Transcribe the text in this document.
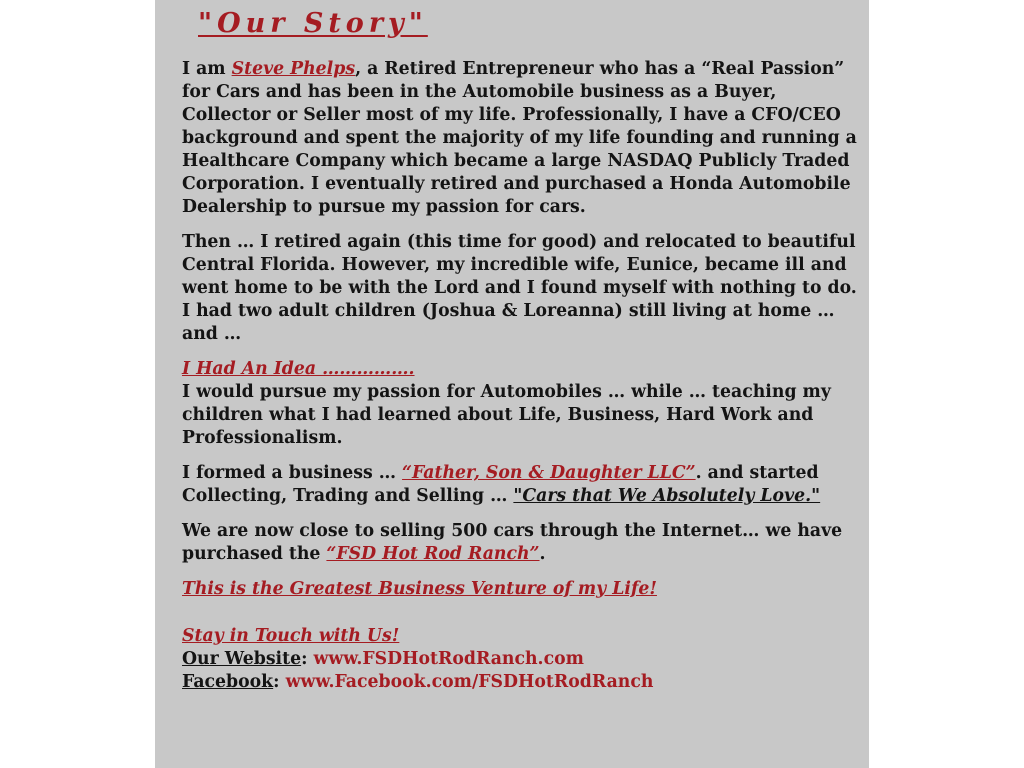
"Our Story"

I am Steve Phelps, a Retired Entrepreneur who has a “Real Passion” for Cars and has been in the Automobile business as a Buyer, Collector or Seller most of my life. Professionally, I have a CFO/CEO background and spent the majority of my life founding and running a Healthcare Company which became a large NASDAQ Publicly Traded Corporation. I eventually retired and purchased a Honda Automobile Dealership to pursue my passion for cars.

Then … I retired again (this time for good) and relocated to beautiful Central Florida. However, my incredible wife, Eunice, became ill and went home to be with the Lord and I found myself with nothing to do. I had two adult children (Joshua & Loreanna) still living at home … and …

I Had An Idea …………….
I would pursue my passion for Automobiles … while … teaching my children what I had learned about Life, Business, Hard Work and Professionalism.

I formed a business … “Father, Son & Daughter LLC”. and started Collecting, Trading and Selling … "Cars that We Absolutely Love."

We are now close to selling 500 cars through the Internet… we have purchased the “FSD Hot Rod Ranch”.

This is the Greatest Business Venture of my Life!

Stay in Touch with Us!
Our Website: www.FSDHotRodRanch.com
Facebook: www.Facebook.com/FSDHotRodRanch
